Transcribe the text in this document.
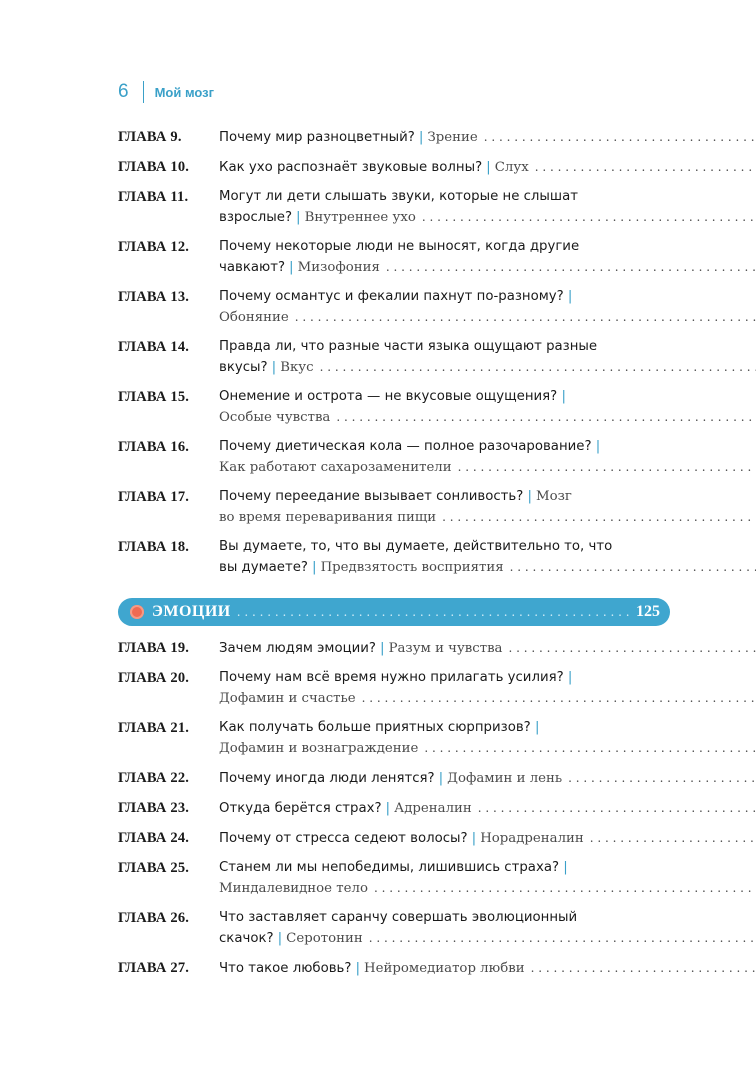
6 Мой мозг
ГЛАВА 9.	Почему мир разноцветный? | Зрение
. . .
ГЛАВА 10.	Как ухо распознаёт звуковые волны? | Слух
. . .
ГЛАВА 11.	Могут ли дети слышать звуки, которые не слышат
взрослые? | Внутреннее ухо
. . .
ГЛАВА 12.	Почему некоторые люди не выносят, когда другие
чавкают? | Мизофония
. . .
ГЛАВА 13.	Почему османтус и фекалии пахнут по-разному? |
Обоняние
. . .
ГЛАВА 14.	Правда ли, что разные части языка ощущают разные
вкусы? | Вкус
. . .
ГЛАВА 15.	Онемение и острота — не вкусовые ощущения? |
Особые чувства
. . .
ГЛАВА 16.	Почему диетическая кола — полное разочарование? |
Как работают сахарозаменители
. . .
ГЛАВА 17.	Почему переедание вызывает сонливость? | Мозг
во время переваривания пищи
. . .
ГЛАВА 18.	Вы думаете, то, что вы думаете, действительно то, что
вы думаете? | Предвзятость восприятия
. . .
ЭМОЦИИ
. . .	125
ГЛАВА 19.	Зачем людям эмоции? | Разум и чувства
. . .
ГЛАВА 20.	Почему нам всё время нужно прилагать усилия? |
Дофамин и счастье
. . .
ГЛАВА 21.	Как получать больше приятных сюрпризов? |
Дофамин и вознаграждение
. . .
ГЛАВА 22.	Почему иногда люди ленятся? | Дофамин и лень
. . .
ГЛАВА 23.	Откуда берётся страх? | Адреналин
. . .
ГЛАВА 24.	Почему от стресса седеют волосы? | Норадреналин
. . .
ГЛАВА 25.	Станем ли мы непобедимы, лишившись страха? |
Миндалевидное тело
. . .
ГЛАВА 26.	Что заставляет саранчу совершать эволюционный
скачок? | Серотонин
. . .
ГЛАВА 27.	Что такое любовь? | Нейромедиатор любви
. . .
